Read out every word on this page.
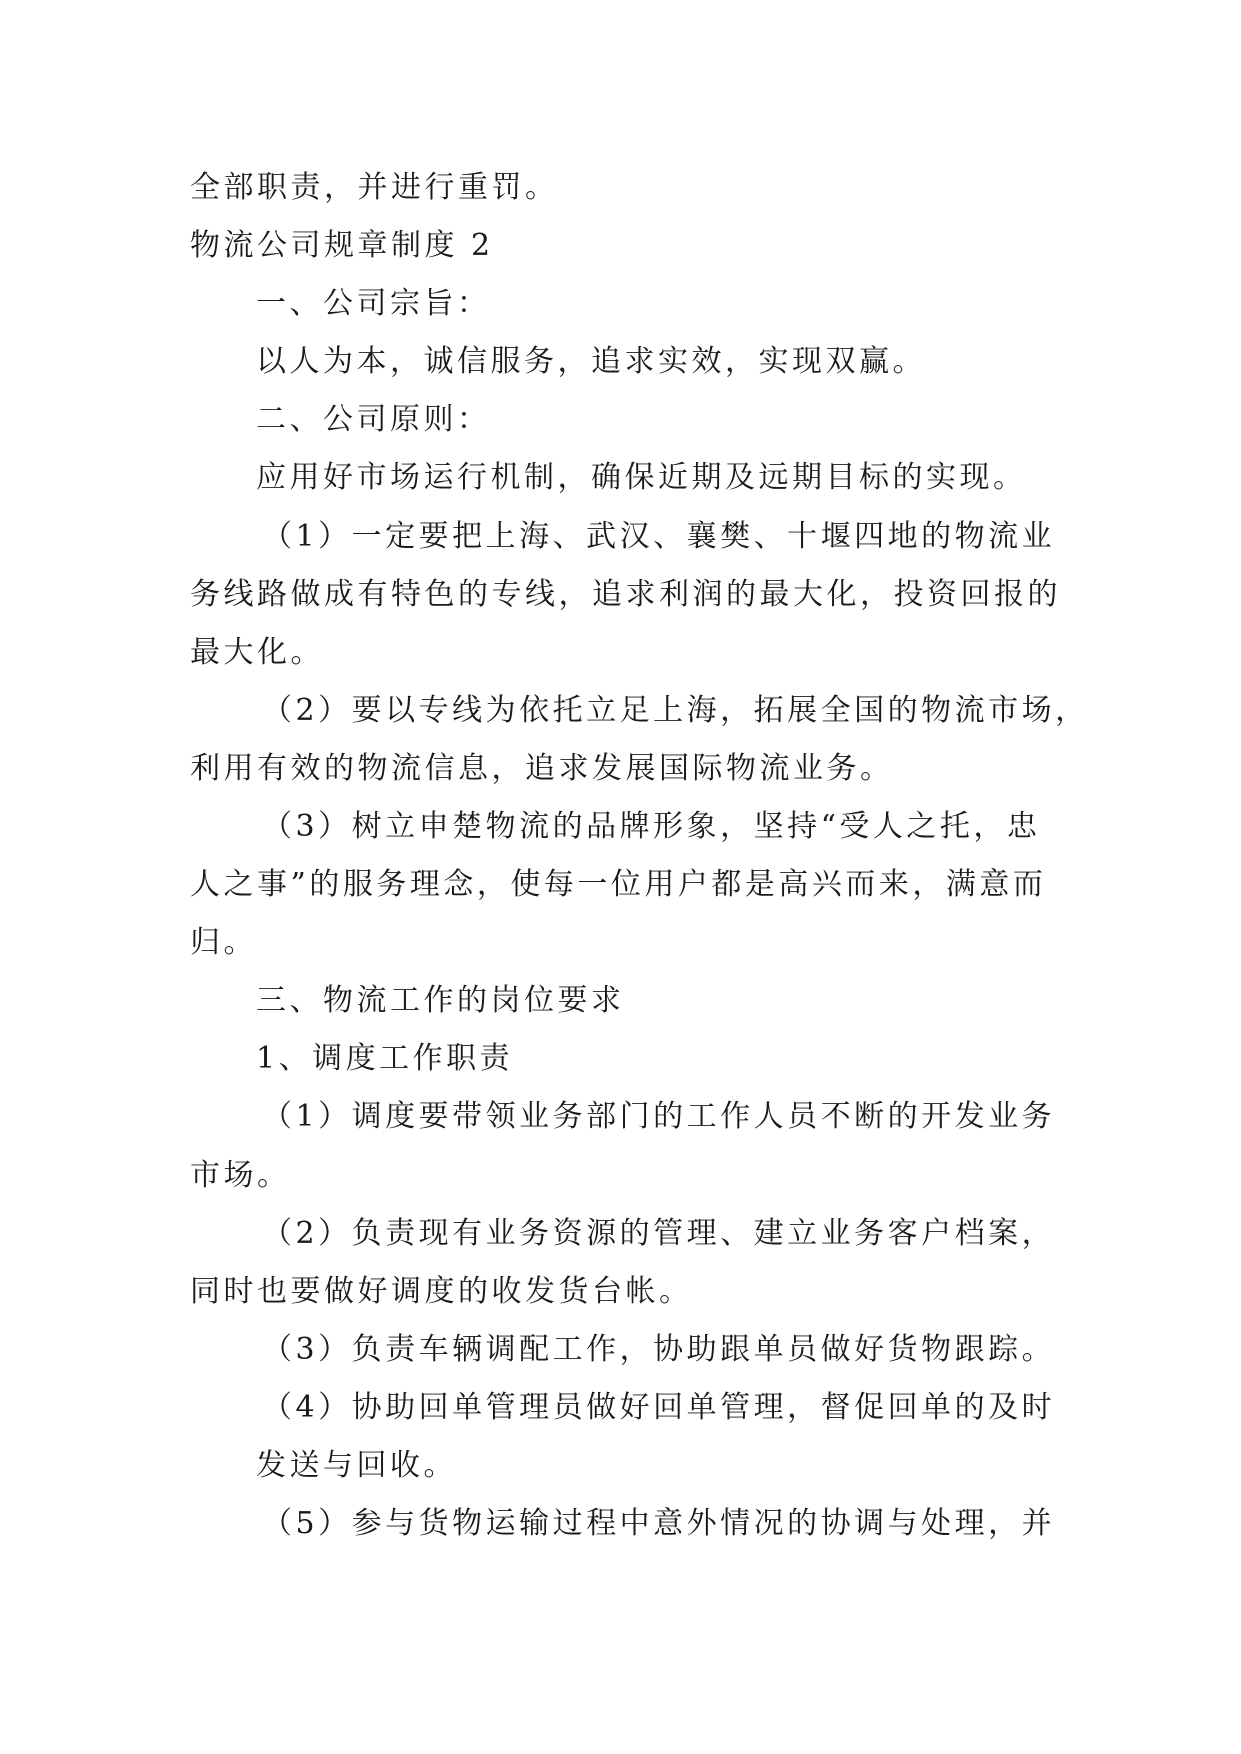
全部职责，并进行重罚。
物流公司规章制度 2
一、公司宗旨：
以人为本，诚信服务，追求实效，实现双赢。
二、公司原则：
应用好市场运行机制，确保近期及远期目标的实现。
（1）一定要把上海、武汉、襄樊、十堰四地的物流业
务线路做成有特色的专线，追求利润的最大化，投资回报的
最大化。
（2）要以专线为依托立足上海，拓展全国的物流市场，
利用有效的物流信息，追求发展国际物流业务。
（3）树立申楚物流的品牌形象，坚持“受人之托，忠
人之事”的服务理念，使每一位用户都是高兴而来，满意而
归。
三、物流工作的岗位要求
1、调度工作职责
（1）调度要带领业务部门的工作人员不断的开发业务
市场。
（2）负责现有业务资源的管理、建立业务客户档案，
同时也要做好调度的收发货台帐。
（3）负责车辆调配工作，协助跟单员做好货物跟踪。
（4）协助回单管理员做好回单管理，督促回单的及时
发送与回收。
（5）参与货物运输过程中意外情况的协调与处理，并
